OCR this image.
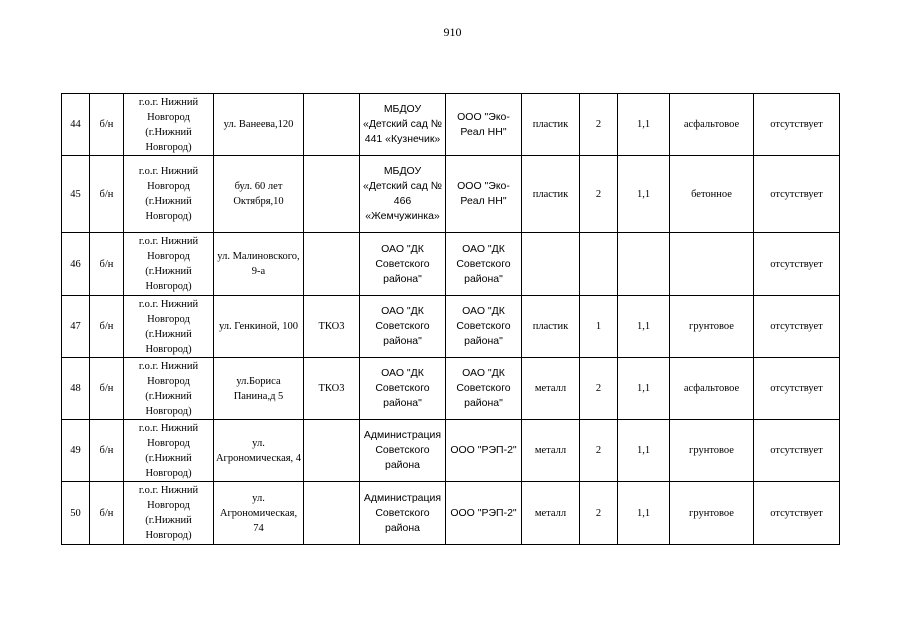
910
44	б/н	г.о.г. Нижний Новгород (г.Нижний Новгород)	ул. Ванеева,120		МБДОУ «Детский сад № 441 «Кузнечик»	ООО "Эко-Реал НН"	пластик	2	1,1	асфальтовое	отсутствует
45	б/н	г.о.г. Нижний Новгород (г.Нижний Новгород)	бул. 60 лет Октября,10		МБДОУ «Детский сад № 466 «Жемчужинка»	ООО "Эко-Реал НН"	пластик	2	1,1	бетонное	отсутствует
46	б/н	г.о.г. Нижний Новгород (г.Нижний Новгород)	ул. Малиновского, 9-а		ОАО "ДК Советского района"	ОАО "ДК Советского района"					отсутствует
47	б/н	г.о.г. Нижний Новгород (г.Нижний Новгород)	ул. Генкиной, 100	ТКО3	ОАО "ДК Советского района"	ОАО "ДК Советского района"	пластик	1	1,1	грунтовое	отсутствует
48	б/н	г.о.г. Нижний Новгород (г.Нижний Новгород)	ул.Бориса Панина,д 5	ТКО3	ОАО "ДК Советского района"	ОАО "ДК Советского района"	металл	2	1,1	асфальтовое	отсутствует
49	б/н	г.о.г. Нижний Новгород (г.Нижний Новгород)	ул. Агрономическая, 4		Администрация Советского района	ООО "РЭП-2"	металл	2	1,1	грунтовое	отсутствует
50	б/н	г.о.г. Нижний Новгород (г.Нижний Новгород)	ул. Агрономическая, 74		Администрация Советского района	ООО "РЭП-2"	металл	2	1,1	грунтовое	отсутствует
